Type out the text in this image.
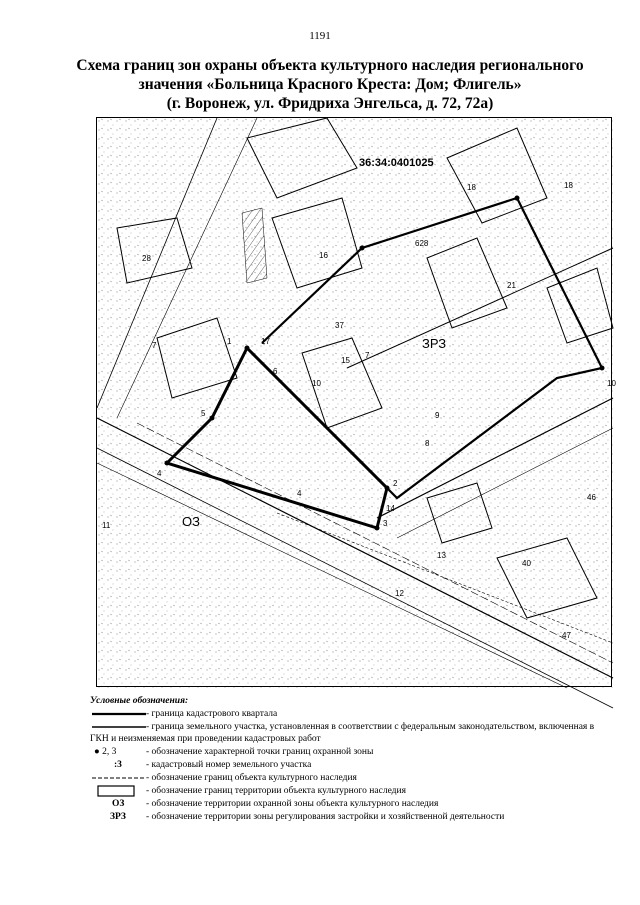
1191
Схема границ зон охраны объекта культурного наследия регионального
значения «Больница Красного Креста: Дом; Флигель»
(г. Воронеж, ул. Фридриха Энгельса, д. 72, 72а)
36:34:0401025
ОЗ
ЗРЗ
18	18
16
28
7	17
15
11
14
13
12
40
46
47
21
628
37
4
10
1
2
3
4
5
6
7
8
9
10
Условные обозначения:
- граница кадастрового квартала
- граница земельного участка, установленная в соответствии с федеральным законодательством, включенная в ГКН и неизменяемая при проведении кадастровых работ
● 2, 3	- обозначение характерной точки границ охранной зоны
:3	- кадастровый номер земельного участка
- обозначение границ объекта культурного наследия
- обозначение границ территории объекта культурного наследия
ОЗ	- обозначение территории охранной зоны объекта культурного наследия
ЗРЗ	- обозначение территории зоны регулирования застройки и хозяйственной деятельности
